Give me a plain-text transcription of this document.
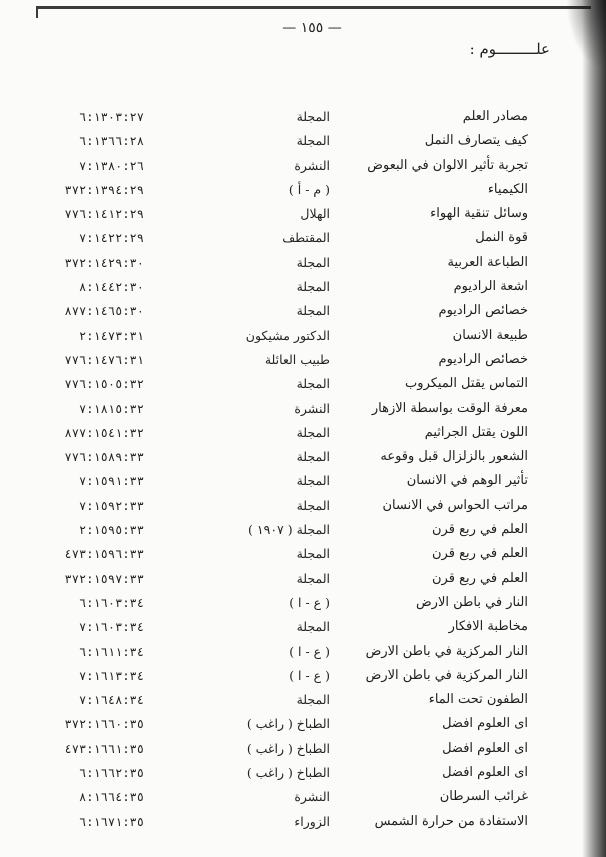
— ١٥٥ —
علـــــــــوم :
مصادر العلم
المجلة
٦:١٣٠٣:٢٧
كيف يتصارف النمل
المجلة
٦:١٣٦٦:٢٨
تجربة تأثير الالوان في البعوض
النشرة
٧:١٣٨٠:٢٦
الكيمياء
( م - أ )
٣٧٢:١٣٩٤:٢٩
وسائل تنقية الهواء
الهلال
٧٧٦:١٤١٢:٢٩
قوة النمل
المقتطف
٧:١٤٢٢:٢٩
الطباعة العربية
المجلة
٣٧٢:١٤٢٩:٣٠
اشعة الراديوم
المجلة
٨:١٤٤٢:٣٠
خصائص الراديوم
المجلة
٨٧٧:١٤٦٥:٣٠
طبيعة الانسان
الدكتور مشيكون
٢:١٤٧٣:٣١
خصائص الراديوم
طبيب العائلة
٧٧٦:١٤٧٦:٣١
التماس يقتل الميكروب
المجلة
٧٧٦:١٥٠٥:٣٢
معرفة الوقت بواسطة الازهار
النشرة
٧:١٨١٥:٣٢
اللون يقتل الجراثيم
المجلة
٨٧٧:١٥٤١:٣٢
الشعور بالزلزال قبل وقوعه
المجلة
٧٧٦:١٥٨٩:٣٣
تأثير الوهم في الانسان
المجلة
٧:١٥٩١:٣٣
مراتب الحواس في الانسان
المجلة
٧:١٥٩٢:٣٣
العلم في ربع قرن
المجلة ( ١٩٠٧ )
٢:١٥٩٥:٣٣
العلم في ربع قرن
المجلة
٤٧٣:١٥٩٦:٣٣
العلم في ربع قرن
المجلة
٣٧٢:١٥٩٧:٣٣
النار في باطن الارض
( ع - ا )
٦:١٦٠٣:٣٤
مخاطبة الافكار
المجلة
٧:١٦٠٣:٣٤
النار المركزية في باطن الارض
( ع - ا )
٦:١٦١١:٣٤
النار المركزية في باطن الارض
( ع - ا )
٧:١٦١٣:٣٤
الطفون تحت الماء
المجلة
٧:١٦٤٨:٣٤
اى العلوم افضل
الطباخ ( راغب )
٣٧٢:١٦٦٠:٣٥
اى العلوم افضل
الطباخ ( راغب )
٤٧٣:١٦٦١:٣٥
اى العلوم افضل
الطباخ ( راغب )
٦:١٦٦٢:٣٥
غرائب السرطان
النشرة
٨:١٦٦٤:٣٥
الاستفادة من حرارة الشمس
الزوراء
٦:١٦٧١:٣٥
